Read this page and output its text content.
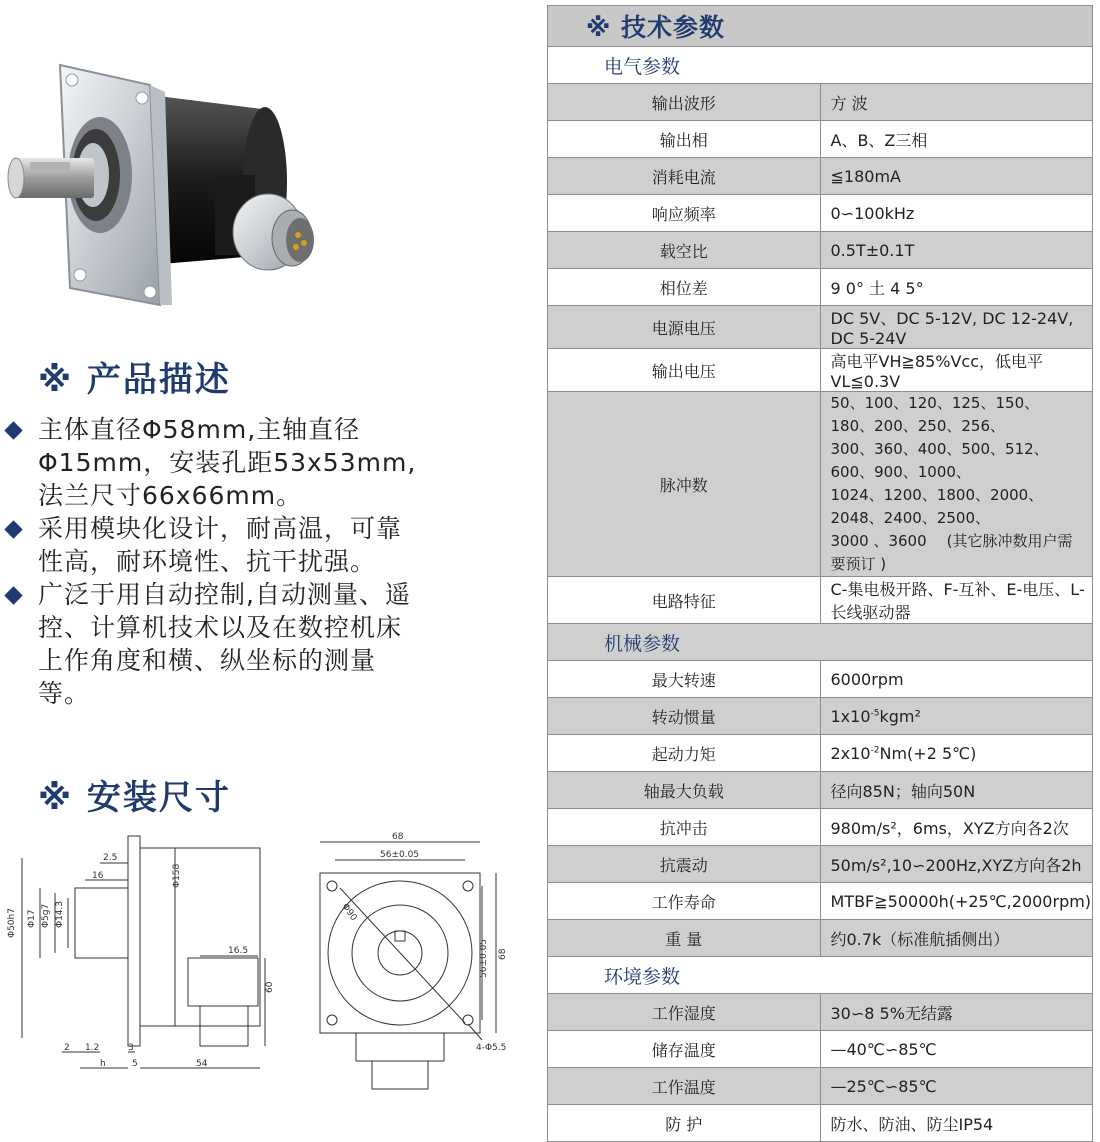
※ 产品描述
主体直径Φ58mm,主轴直径Φ15mm，安装孔距53x53mm,法兰尺寸66x66mm。
采用模块化设计，耐高温，可靠性高，耐环境性、抗干扰强。
广泛于用自动控制,自动测量、遥控、计算机技术以及在数控机床上作角度和横、纵坐标的测量等。
※ 安装尺寸
2.5
16
16.5
Φ158
60
Φ50h7 Φ17 Φ5g7 Φ14.3
2 1.2	3
h	5	54
68
56±0.05
Φ90
56±0.05 68
4-Φ5.5
※ 技术参数	
电气参数	
输出波形	方 波
输出相	A、B、Z三相
消耗电流	≦180mA
响应频率	0∽100kHz
载空比	0.5T±0.1T
相位差	9 0° 土 4 5°
电源电压	DC 5V、DC 5-12V, DC 12-24V, DC 5-24V
输出电压	高电平VH≧85%Vcc，低电平VL≦0.3V
脉冲数	50、100、120、125、150、180、200、250、256、
300、360、400、500、512、600、900、1000、
1024、1200、1800、2000、2048、2400、2500、
3000 、3600 (其它脉冲数用户需要预订 )

电路特征	C-集电极开路、F-互补、E-电压、L-长线驱动器
机械参数	
最大转速	6000rpm
转动惯量	$1x10^{-5}kgm^2$
起动力矩	$2x10^{-2}Nm(+2$ 5℃)
轴最大负载	径向85N；轴向50N
抗冲击	980m/s²，6ms，XYZ方向各2次
抗震动	50m/s²,10∽200Hz,XYZ方向各2h
工作寿命	MTBF≧50000h(+25℃,2000rpm)
重 量	约0.7k（标准航插侧出）
环境参数	
工作湿度	30∽8 5%无结露
储存温度	—40℃∽85℃
工作温度	—25℃∽85℃
防 护	防水、防油、防尘IP54
